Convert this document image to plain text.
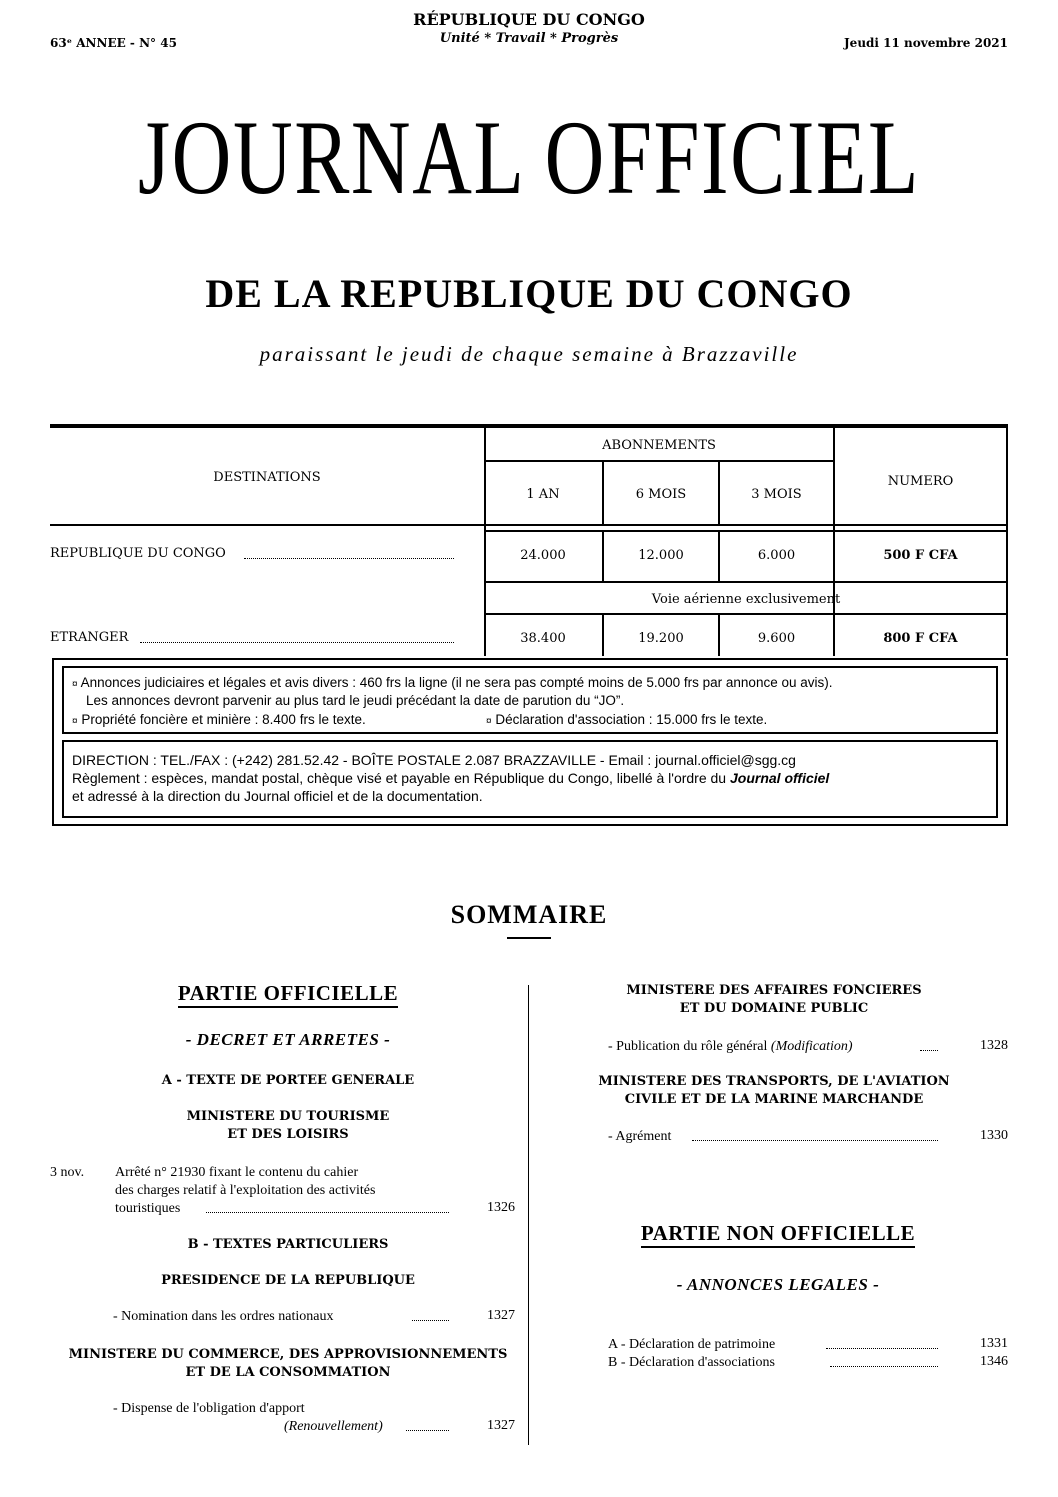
63ᵉ ANNEE - N° 45
RÉPUBLIQUE DU CONGO
Unité * Travail * Progrès	Jeudi 11 novembre 2021
JOURNAL OFFICIEL
DE LA REPUBLIQUE DU CONGO
paraissant le jeudi de chaque semaine à Brazzaville
DESTINATIONS
ABONNEMENTS
1 AN	6 MOIS	3 MOIS
NUMERO
REPUBLIQUE DU CONGO	24.000	12.000	6.000	500 F CFA
Voie aérienne exclusivement
ETRANGER	38.400	19.200	9.600	800 F CFA
¤ Annonces judiciaires et légales et avis divers : 460 frs la ligne (il ne sera pas compté moins de 5.000 frs par annonce ou avis).
Les annonces devront parvenir au plus tard le jeudi précédant la date de parution du “JO”.
¤ Propriété foncière et minière : 8.400 frs le texte.	¤ Déclaration d'association : 15.000 frs le texte.
DIRECTION : TEL./FAX : (+242) 281.52.42 - BOÎTE POSTALE 2.087 BRAZZAVILLE - Email : journal.officiel@sgg.cg
Règlement : espèces, mandat postal, chèque visé et payable en République du Congo, libellé à l'ordre du Journal officiel
et adressé à la direction du Journal officiel et de la documentation.
SOMMAIRE
PARTIE OFFICIELLE
- DECRET ET ARRETES -
A - TEXTE DE PORTEE GENERALE
MINISTERE DU TOURISME
ET DES LOISIRS
3 nov. Arrêté n° 21930 fixant le contenu du cahier
des charges relatif à l'exploitation des activités
touristiques	1326
B - TEXTES PARTICULIERS
PRESIDENCE DE LA REPUBLIQUE
- Nomination dans les ordres nationaux	1327
MINISTERE DU COMMERCE, DES APPROVISIONNEMENTS
ET DE LA CONSOMMATION
- Dispense de l'obligation d'apport
(Renouvellement)	1327
MINISTERE DES AFFAIRES FONCIERES
ET DU DOMAINE PUBLIC
- Publication du rôle général (Modification)	1328
MINISTERE DES TRANSPORTS, DE L'AVIATION
CIVILE ET DE LA MARINE MARCHANDE
- Agrément	1330
PARTIE NON OFFICIELLE
- ANNONCES LEGALES -
A - Déclaration de patrimoine	1331
B - Déclaration d'associations	1346
